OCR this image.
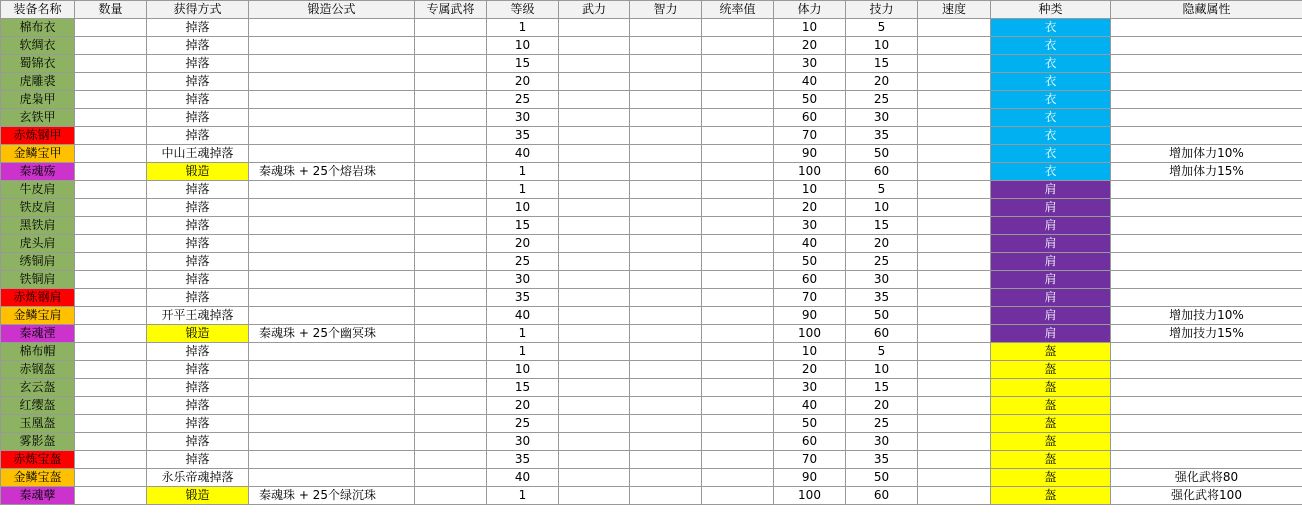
装备名称	数量	获得方式	锻造公式	专属武将	等级	武力	智力	统率值	体力	技力	速度	种类	隐藏属性
棉布衣		掉落			1				10	5		衣	
软绸衣		掉落			10				20	10		衣	
蜀锦衣		掉落			15				30	15		衣	
虎雕裘		掉落			20				40	20		衣	
虎枭甲		掉落			25				50	25		衣	
玄铁甲		掉落			30				60	30		衣	
赤炼钢甲		掉落			35				70	35		衣	
金鳞宝甲		中山王魂掉落			40				90	50		衣	增加体力10%
秦魂殇		锻造	秦魂珠 + 25个熔岩珠		1				100	60		衣	增加体力15%
牛皮肩		掉落			1				10	5		肩	
铁皮肩		掉落			10				20	10		肩	
黑铁肩		掉落			15				30	15		肩	
虎头肩		掉落			20				40	20		肩	
绣铜肩		掉落			25				50	25		肩	
铁铜肩		掉落			30				60	30		肩	
赤炼钢肩		掉落			35				70	35		肩	
金鳞宝肩		开平王魂掉落			40				90	50		肩	增加技力10%
秦魂湮		锻造	秦魂珠 + 25个幽冥珠		1				100	60		肩	增加技力15%
棉布帽		掉落			1				10	5		盔	
赤钢盔		掉落			10				20	10		盔	
玄云盔		掉落			15				30	15		盔	
红缨盔		掉落			20				40	20		盔	
玉凰盔		掉落			25				50	25		盔	
雾影盔		掉落			30				60	30		盔	
赤炼宝盔		掉落			35				70	35		盔	
金鳞宝盔		永乐帝魂掉落			40				90	50		盔	强化武将80
秦魂孽		锻造	秦魂珠 + 25个绿沉珠		1				100	60		盔	强化武将100
